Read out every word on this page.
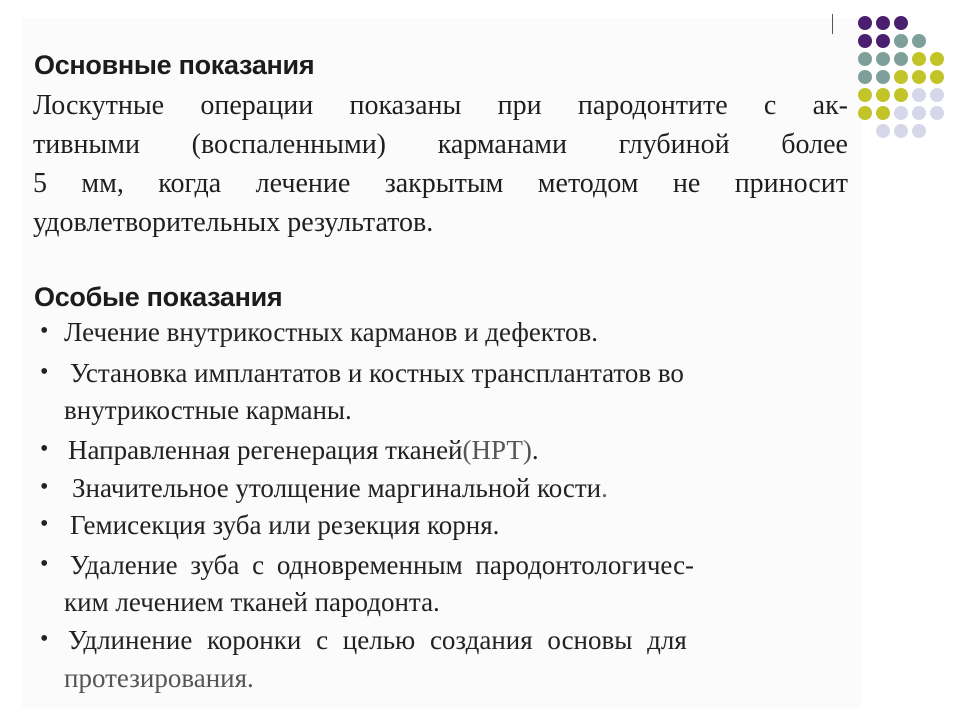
Основные показания

Лоскутные операции показаны при пародонтите с ак-
тивными (воспаленными) карманами глубиной более
5 мм, когда лечение закрытым методом не приносит
удовлетворительных результатов.

Особые показания
• Лечение внутрикостных карманов и дефектов.
• Установка имплантатов и костных трансплантатов во
внутрикостные карманы.
• Направленная регенерация тканей(НРТ).
• Значительное утолщение маргинальной кости.
• Гемисекция зуба или резекция корня.
• Удаление зуба с одновременным пародонтологичес-
ким лечением тканей пародонта.
• Удлинение коронки с целью создания основы для
протезирования.
